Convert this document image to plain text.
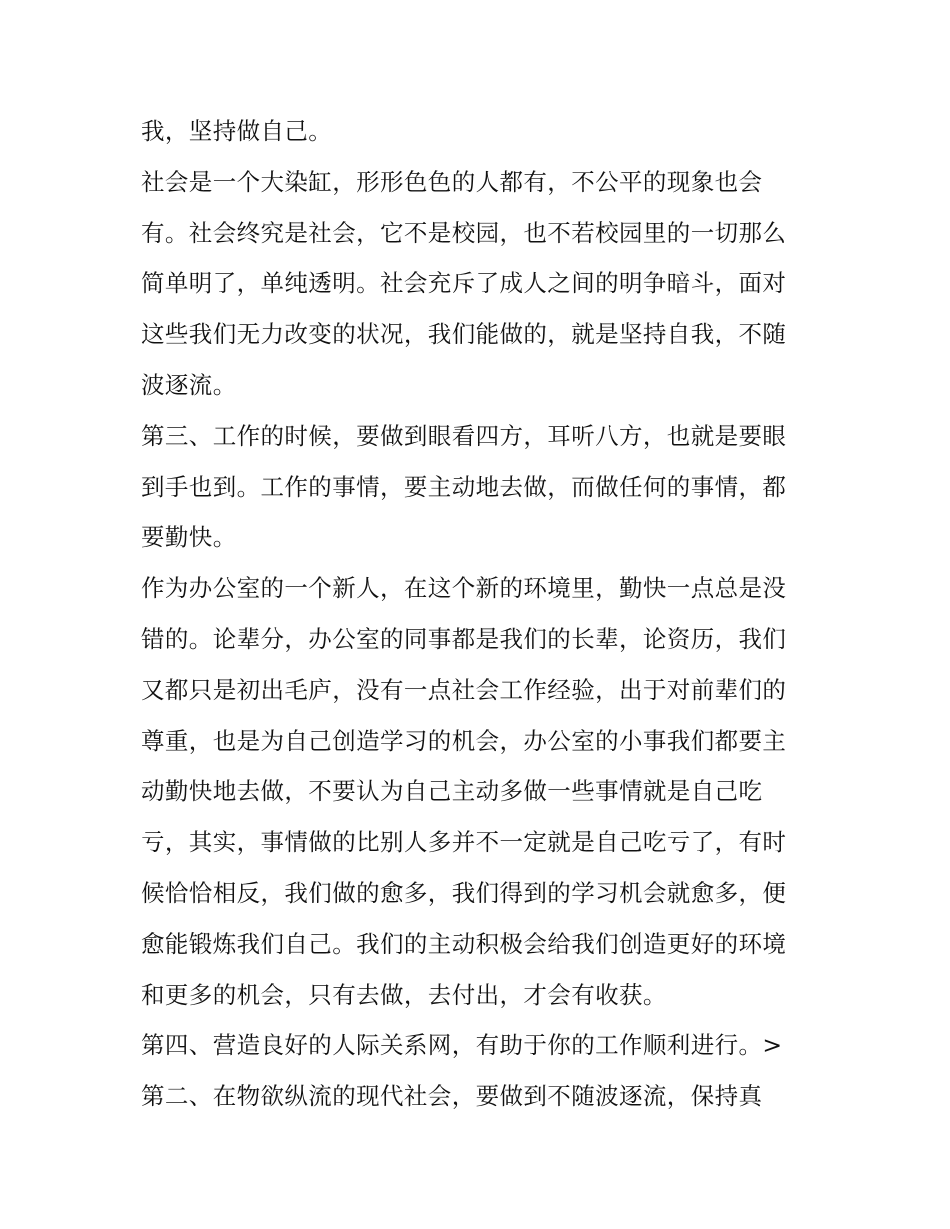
我，坚持做自己。
社会是一个大染缸，形形色色的人都有，不公平的现象也会
有。社会终究是社会，它不是校园，也不若校园里的一切那么
简单明了，单纯透明。社会充斥了成人之间的明争暗斗，面对
这些我们无力改变的状况，我们能做的，就是坚持自我，不随
波逐流。
第三、工作的时候，要做到眼看四方，耳听八方，也就是要眼
到手也到。工作的事情，要主动地去做，而做任何的事情，都
要勤快。
作为办公室的一个新人，在这个新的环境里，勤快一点总是没
错的。论辈分，办公室的同事都是我们的长辈，论资历，我们
又都只是初出毛庐，没有一点社会工作经验，出于对前辈们的
尊重，也是为自己创造学习的机会，办公室的小事我们都要主
动勤快地去做，不要认为自己主动多做一些事情就是自己吃
亏，其实，事情做的比别人多并不一定就是自己吃亏了，有时
候恰恰相反，我们做的愈多，我们得到的学习机会就愈多，便
愈能锻炼我们自己。我们的主动积极会给我们创造更好的环境
和更多的机会，只有去做，去付出，才会有收获。
第四、营造良好的人际关系网，有助于你的工作顺利进行。>
第二、在物欲纵流的现代社会，要做到不随波逐流，保持真
